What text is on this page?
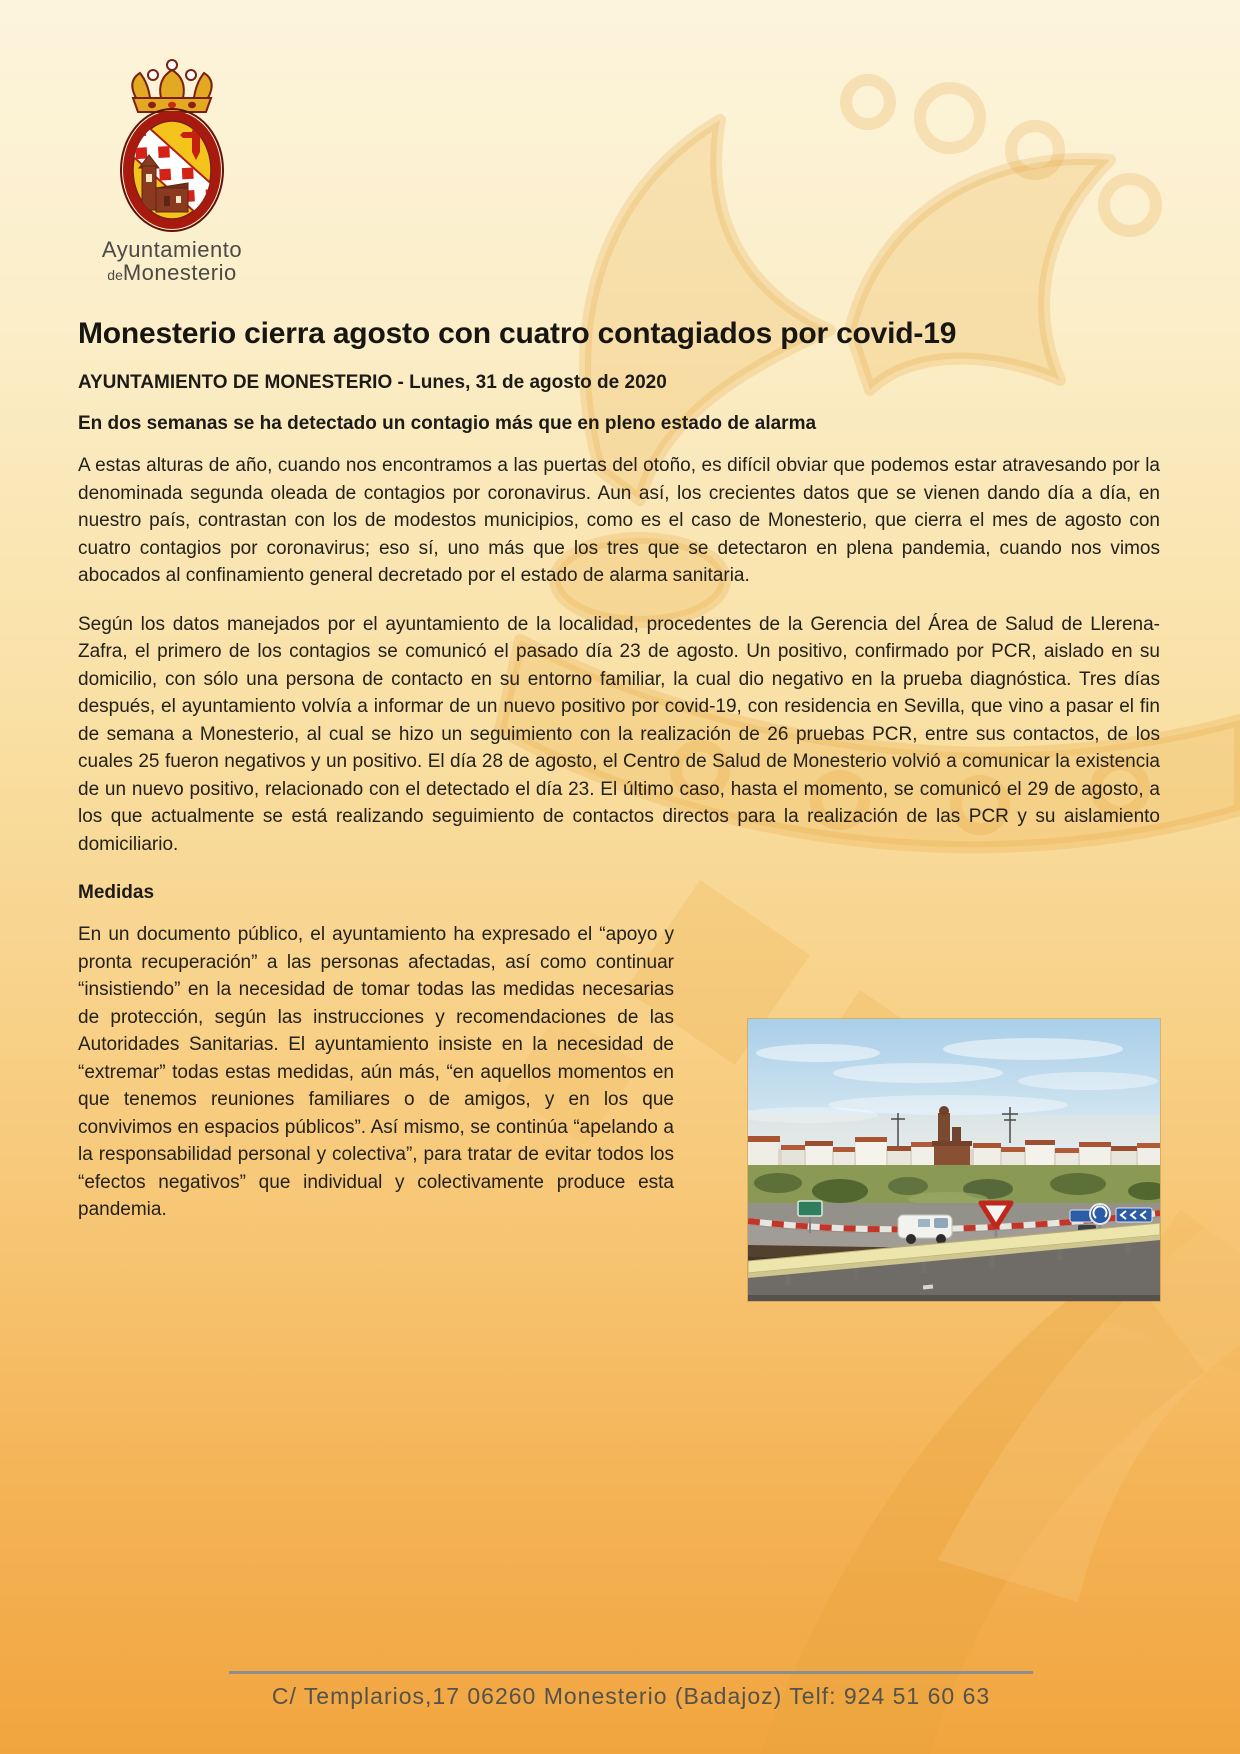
Ayuntamiento
deMonesterio
Monesterio cierra agosto con cuatro contagiados por covid-19

AYUNTAMIENTO DE MONESTERIO - Lunes, 31 de agosto de 2020

En dos semanas se ha detectado un contagio más que en pleno estado de alarma

A estas alturas de año, cuando nos encontramos a las puertas del otoño, es difícil obviar que podemos estar atravesando por la denominada segunda oleada de contagios por coronavirus. Aun así, los crecientes datos que se vienen dando día a día, en nuestro país, contrastan con los de modestos municipios, como es el caso de Monesterio, que cierra el mes de agosto con cuatro contagios por coronavirus; eso sí, uno más que los tres que se detectaron en plena pandemia, cuando nos vimos abocados al confinamiento general decretado por el estado de alarma sanitaria.

Según los datos manejados por el ayuntamiento de la localidad, procedentes de la Gerencia del Área de Salud de Llerena-Zafra, el primero de los contagios se comunicó el pasado día 23 de agosto. Un positivo, confirmado por PCR, aislado en su domicilio, con sólo una persona de contacto en su entorno familiar, la cual dio negativo en la prueba diagnóstica. Tres días después, el ayuntamiento volvía a informar de un nuevo positivo por covid-19, con residencia en Sevilla, que vino a pasar el fin de semana a Monesterio, al cual se hizo un seguimiento con la realización de 26 pruebas PCR, entre sus contactos, de los cuales 25 fueron negativos y un positivo. El día 28 de agosto, el Centro de Salud de Monesterio volvió a comunicar la existencia de un nuevo positivo, relacionado con el detectado el día 23. El último caso, hasta el momento, se comunicó el 29 de agosto, a los que actualmente se está realizando seguimiento de contactos directos para la realización de las PCR y su aislamiento domiciliario.

Medidas

En un documento público, el ayuntamiento ha expresado el “apoyo y pronta recuperación” a las personas afectadas, así como continuar “insistiendo” en la necesidad de tomar todas las medidas necesarias de protección, según las instrucciones y recomendaciones de las Autoridades Sanitarias. El ayuntamiento insiste en la necesidad de “extremar” todas estas medidas, aún más, “en aquellos momentos en que tenemos reuniones familiares o de amigos, y en los que convivimos en espacios públicos”. Así mismo, se continúa “apelando a la responsabilidad personal y colectiva”, para tratar de evitar todos los “efectos negativos” que individual y colectivamente produce esta pandemia.

C/ Templarios,17 06260 Monesterio (Badajoz) Telf: 924 51 60 63
